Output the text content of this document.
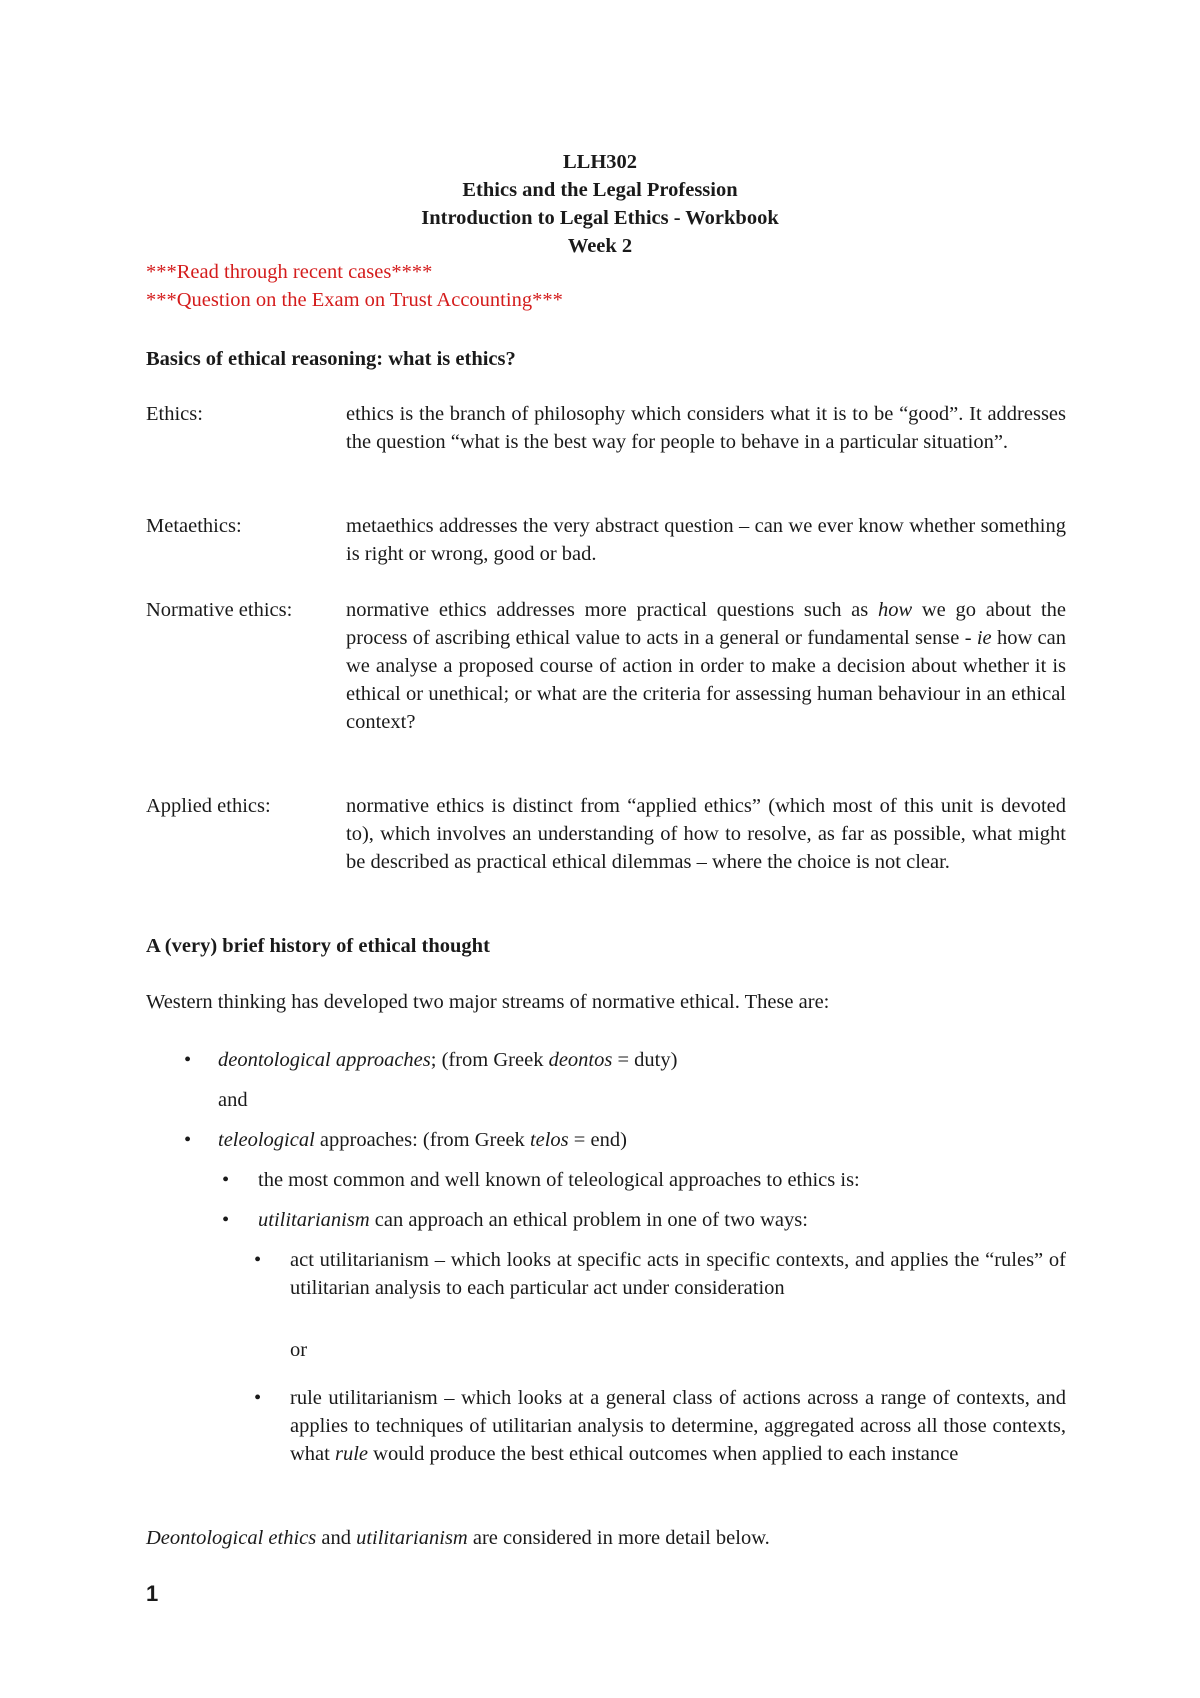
LLH302
Ethics and the Legal Profession
Introduction to Legal Ethics - Workbook
Week 2
***Read through recent cases****
***Question on the Exam on Trust Accounting***
Basics of ethical reasoning: what is ethics?
Ethics:	ethics is the branch of philosophy which considers what it is to be “good”. It addresses the question “what is the best way for people to behave in a particular situation”.
Metaethics:	metaethics addresses the very abstract question – can we ever know whether something is right or wrong, good or bad.
Normative ethics:	normative ethics addresses more practical questions such as how we go about the process of ascribing ethical value to acts in a general or fundamental sense - ie how can we analyse a proposed course of action in order to make a decision about whether it is ethical or unethical; or what are the criteria for assessing human behaviour in an ethical context?
Applied ethics:	normative ethics is distinct from “applied ethics” (which most of this unit is devoted to), which involves an understanding of how to resolve, as far as possible, what might be described as practical ethical dilemmas – where the choice is not clear.
A (very) brief history of ethical thought
Western thinking has developed two major streams of normative ethical. These are:
• deontological approaches; (from Greek deontos = duty)
and
• teleological approaches: (from Greek telos = end)
• the most common and well known of teleological approaches to ethics is:
• utilitarianism can approach an ethical problem in one of two ways:
• act utilitarianism – which looks at specific acts in specific contexts, and applies the “rules” of utilitarian analysis to each particular act under consideration
or
• rule utilitarianism – which looks at a general class of actions across a range of contexts, and applies to techniques of utilitarian analysis to determine, aggregated across all those contexts, what rule would produce the best ethical outcomes when applied to each instance
Deontological ethics and utilitarianism are considered in more detail below.
1
